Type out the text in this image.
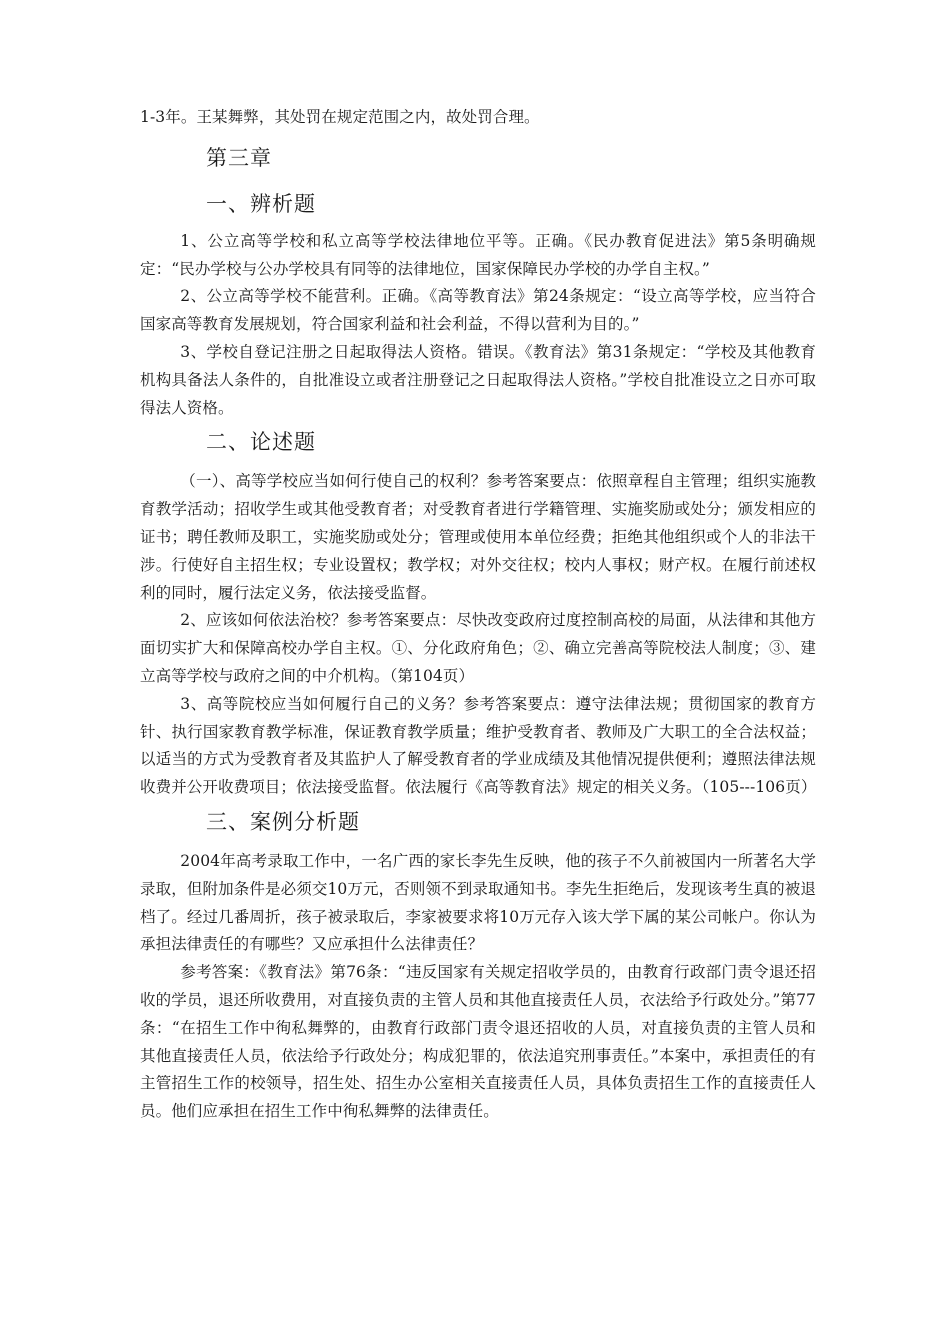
1-3年。王某舞弊，其处罚在规定范围之内，故处罚合理。

第三章
一、辨析题

1、公立高等学校和私立高等学校法律地位平等。正确。《民办教育促进法》第5条明确规定：“民办学校与公办学校具有同等的法律地位，国家保障民办学校的办学自主权。”

2、公立高等学校不能营利。正确。《高等教育法》第24条规定：“设立高等学校，应当符合国家高等教育发展规划，符合国家利益和社会利益，不得以营利为目的。”

3、学校自登记注册之日起取得法人资格。错误。《教育法》第31条规定：“学校及其他教育机构具备法人条件的，自批准设立或者注册登记之日起取得法人资格。”学校自批准设立之日亦可取得法人资格。

二、论述题

（一）、高等学校应当如何行使自己的权利？参考答案要点：依照章程自主管理；组织实施教育教学活动；招收学生或其他受教育者；对受教育者进行学籍管理、实施奖励或处分；颁发相应的证书；聘任教师及职工，实施奖励或处分；管理或使用本单位经费；拒绝其他组织或个人的非法干涉。行使好自主招生权；专业设置权；教学权；对外交往权；校内人事权；财产权。在履行前述权利的同时，履行法定义务，依法接受监督。

2、应该如何依法治校？参考答案要点：尽快改变政府过度控制高校的局面，从法律和其他方面切实扩大和保障高校办学自主权。①、分化政府角色；②、确立完善高等院校法人制度；③、建立高等学校与政府之间的中介机构。（第104页）

3、高等院校应当如何履行自己的义务？参考答案要点：遵守法律法规；贯彻国家的教育方针、执行国家教育教学标准，保证教育教学质量；维护受教育者、教师及广大职工的全合法权益；以适当的方式为受教育者及其监护人了解受教育者的学业成绩及其他情况提供便利；遵照法律法规收费并公开收费项目；依法接受监督。依法履行《高等教育法》规定的相关义务。（105---106页）

三、案例分析题

2004年高考录取工作中，一名广西的家长李先生反映，他的孩子不久前被国内一所著名大学录取，但附加条件是必须交10万元，否则领不到录取通知书。李先生拒绝后，发现该考生真的被退档了。经过几番周折，孩子被录取后，李家被要求将10万元存入该大学下属的某公司帐户。你认为承担法律责任的有哪些？又应承担什么法律责任？

参考答案：《教育法》第76条：“违反国家有关规定招收学员的，由教育行政部门责令退还招收的学员，退还所收费用，对直接负责的主管人员和其他直接责任人员，衣法给予行政处分。”第77条：“在招生工作中徇私舞弊的，由教育行政部门责令退还招收的人员，对直接负责的主管人员和其他直接责任人员，依法给予行政处分；构成犯罪的，依法追究刑事责任。”本案中，承担责任的有主管招生工作的校领导，招生处、招生办公室相关直接责任人员，具体负责招生工作的直接责任人员。他们应承担在招生工作中徇私舞弊的法律责任。
